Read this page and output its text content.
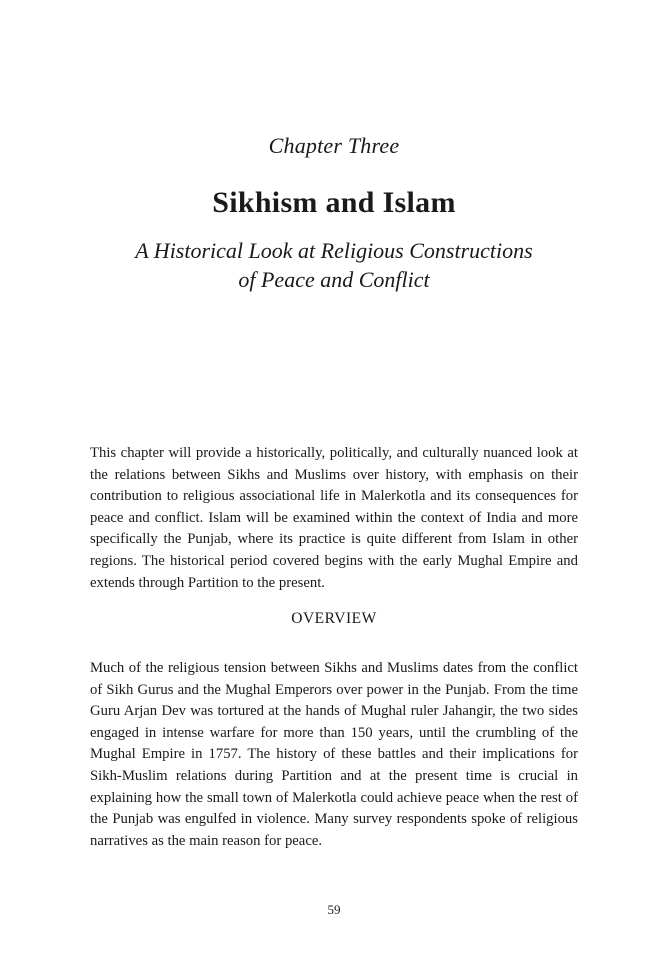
Chapter Three
Sikhism and Islam
A Historical Look at Religious Constructions
of Peace and Conflict

This chapter will provide a historically, politically, and culturally nuanced look at the relations between Sikhs and Muslims over history, with emphasis on their contribution to religious associational life in Malerkotla and its consequences for peace and conflict. Islam will be examined within the context of India and more specifically the Punjab, where its practice is quite different from Islam in other regions. The historical period covered begins with the early Mughal Empire and extends through Partition to the present.

OVERVIEW

Much of the religious tension between Sikhs and Muslims dates from the conflict of Sikh Gurus and the Mughal Emperors over power in the Punjab. From the time Guru Arjan Dev was tortured at the hands of Mughal ruler Jahangir, the two sides engaged in intense warfare for more than 150 years, until the crumbling of the Mughal Empire in 1757. The history of these battles and their implications for Sikh-Muslim relations during Partition and at the present time is crucial in explaining how the small town of Malerkotla could achieve peace when the rest of the Punjab was engulfed in violence. Many survey respondents spoke of religious narratives as the main reason for peace.

59
